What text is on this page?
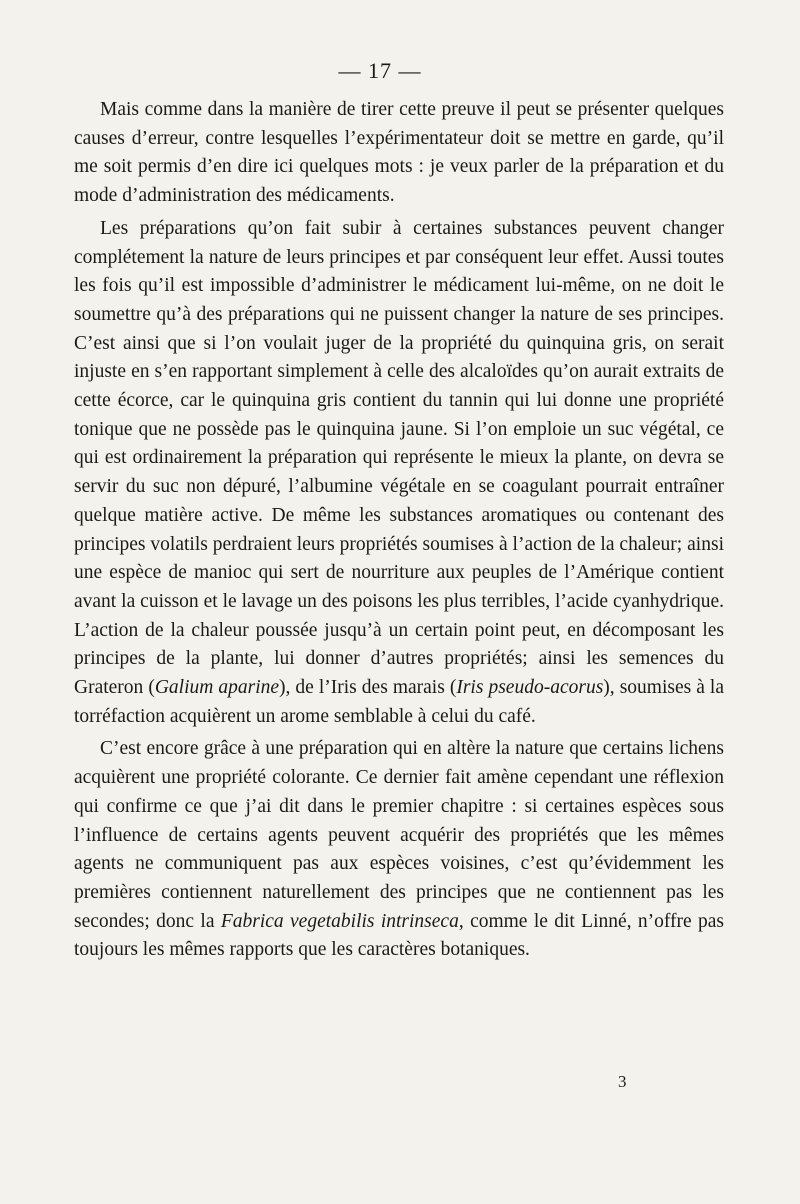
— 17 —

Mais comme dans la manière de tirer cette preuve il peut se présenter quelques causes d’erreur, contre lesquelles l’expérimentateur doit se mettre en garde, qu’il me soit permis d’en dire ici quelques mots : je veux parler de la préparation et du mode d’administration des médicaments.

Les préparations qu’on fait subir à certaines substances peuvent changer complétement la nature de leurs principes et par conséquent leur effet. Aussi toutes les fois qu’il est impossible d’administrer le médicament lui-même, on ne doit le soumettre qu’à des préparations qui ne puissent changer la nature de ses principes. C’est ainsi que si l’on voulait juger de la propriété du quinquina gris, on serait injuste en s’en rapportant simplement à celle des alcaloïdes qu’on aurait extraits de cette écorce, car le quinquina gris contient du tannin qui lui donne une propriété tonique que ne possède pas le quinquina jaune. Si l’on emploie un suc végétal, ce qui est ordinairement la préparation qui représente le mieux la plante, on devra se servir du suc non dépuré, l’albumine végétale en se coagulant pourrait entraîner quelque matière active. De même les substances aromatiques ou contenant des principes volatils perdraient leurs propriétés soumises à l’action de la chaleur; ainsi une espèce de manioc qui sert de nourriture aux peuples de l’Amérique contient avant la cuisson et le lavage un des poisons les plus terribles, l’acide cyanhydrique. L’action de la chaleur poussée jusqu’à un certain point peut, en décomposant les principes de la plante, lui donner d’autres propriétés; ainsi les semences du Grateron (Galium aparine), de l’Iris des marais (Iris pseudo-acorus), soumises à la torréfaction acquièrent un arome semblable à celui du café.

C’est encore grâce à une préparation qui en altère la nature que certains lichens acquièrent une propriété colorante. Ce dernier fait amène cependant une réflexion qui confirme ce que j’ai dit dans le premier chapitre : si certaines espèces sous l’influence de certains agents peuvent acquérir des propriétés que les mêmes agents ne communiquent pas aux espèces voisines, c’est qu’évidemment les premières contiennent naturellement des principes que ne contiennent pas les secondes; donc la Fabrica vegetabilis intrinseca, comme le dit Linné, n’offre pas toujours les mêmes rapports que les caractères botaniques.

3
